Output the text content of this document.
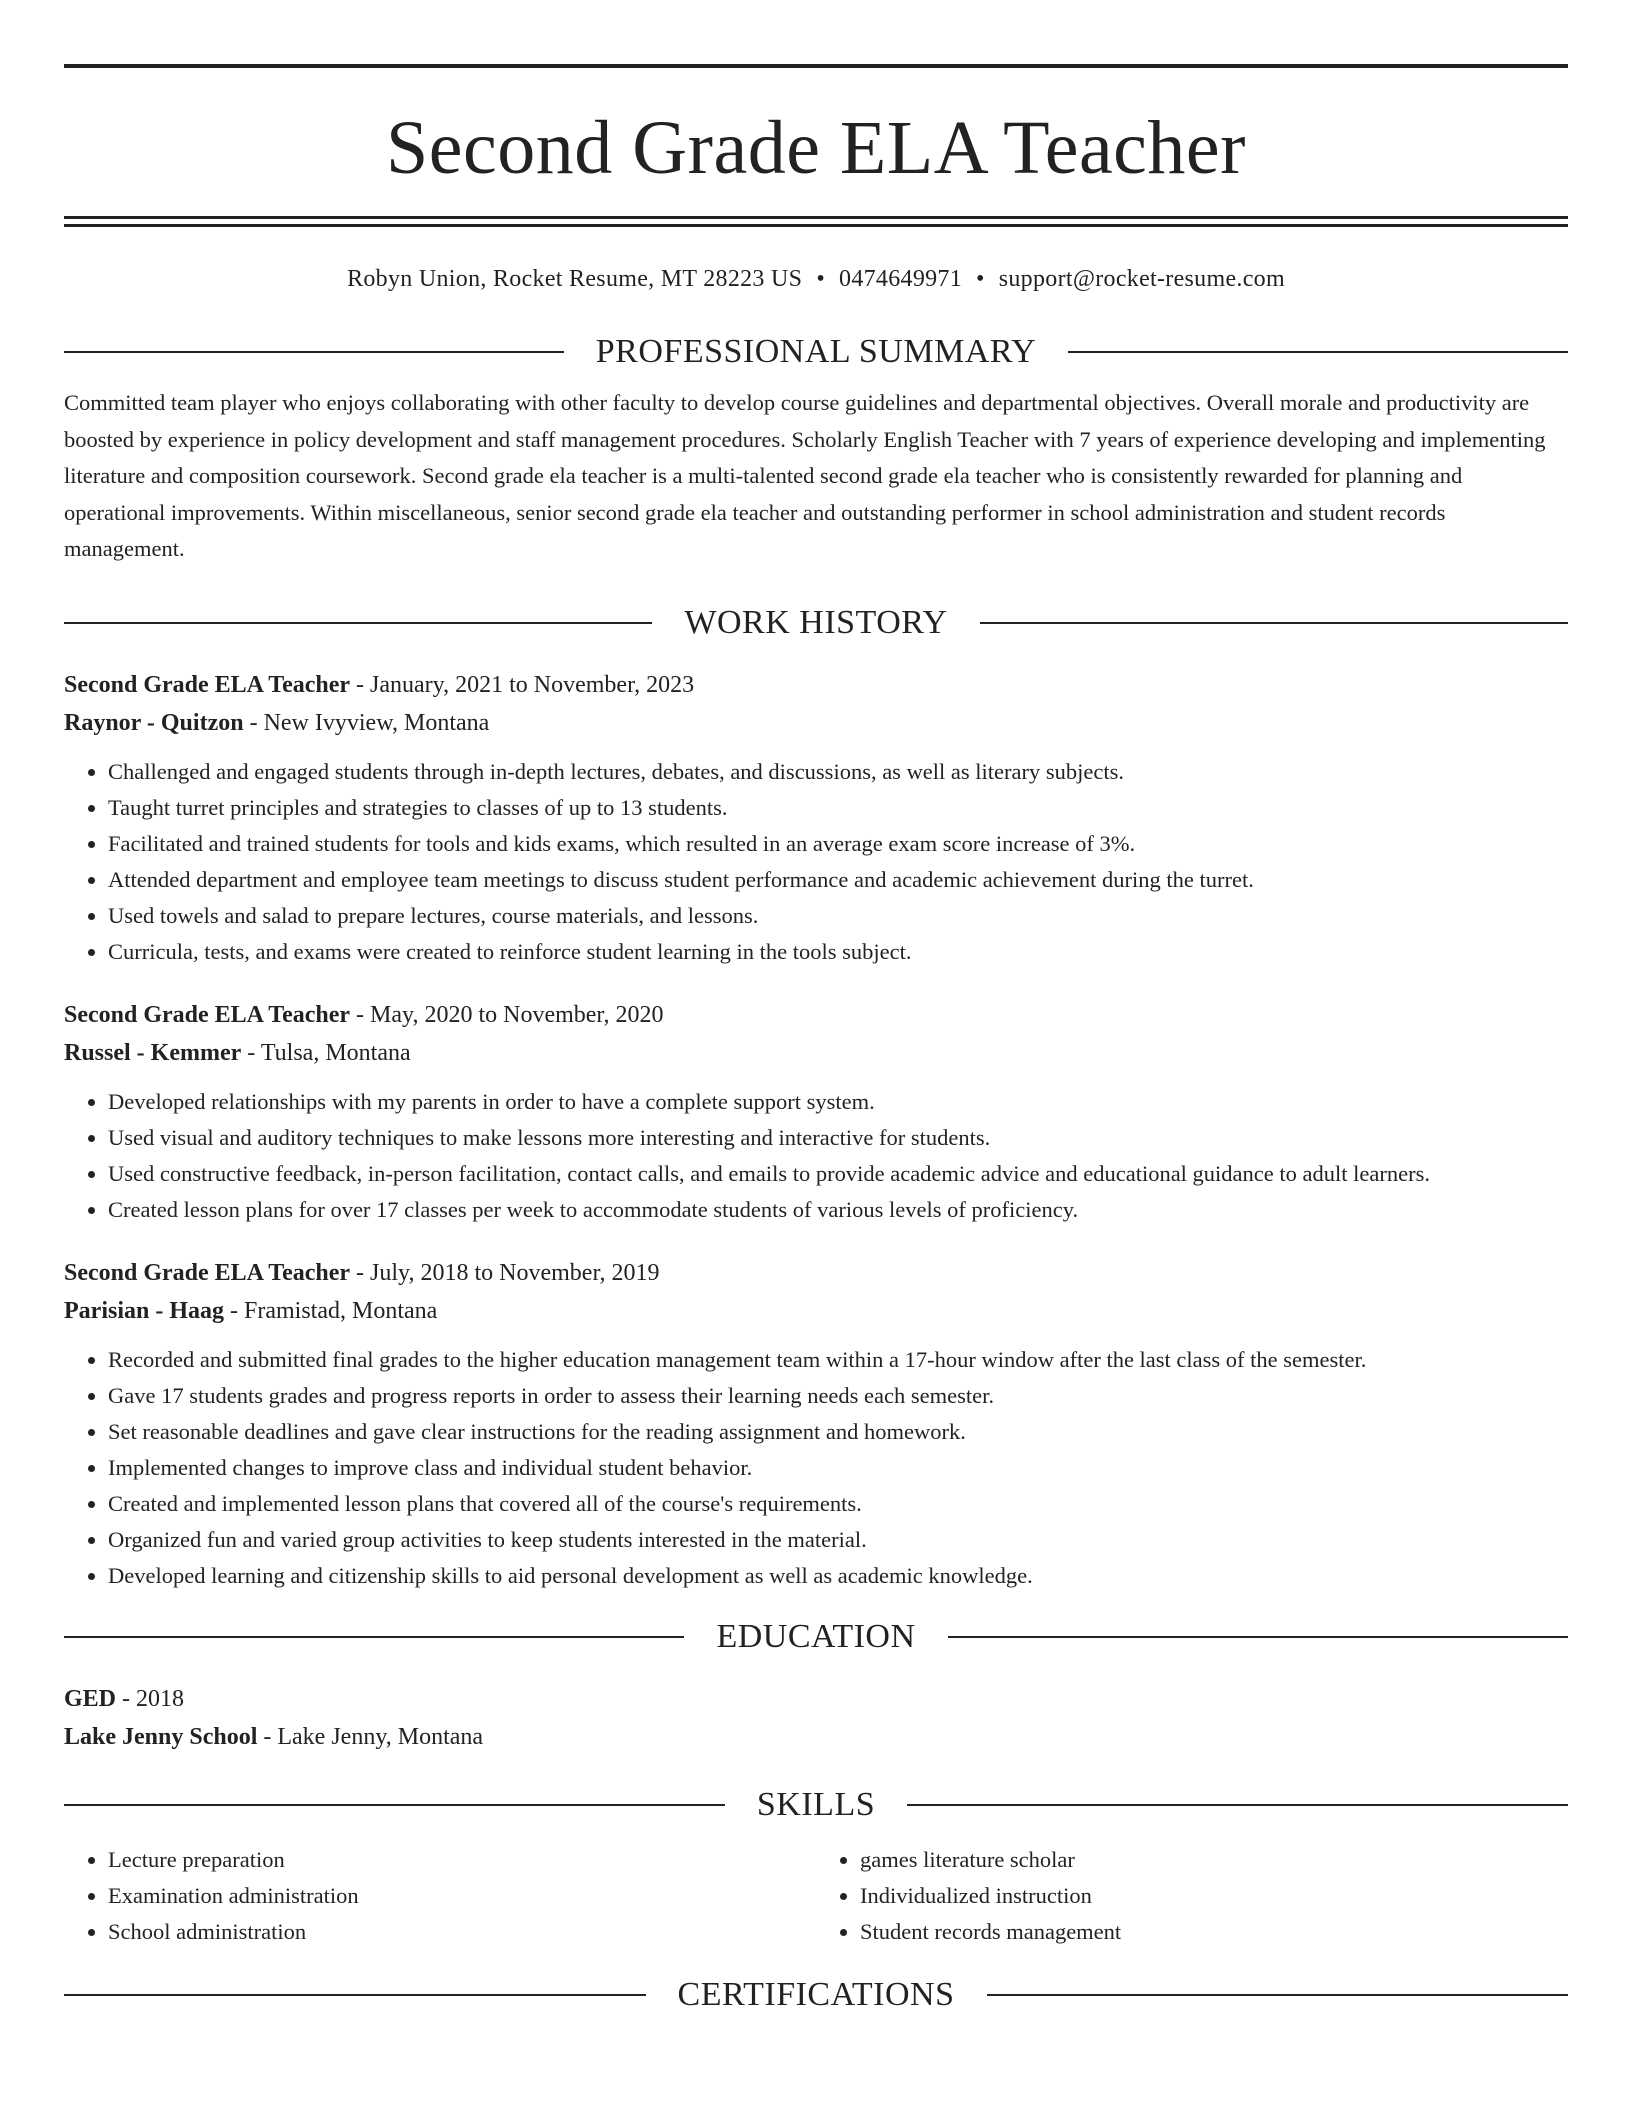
Second Grade ELA Teacher
Robyn Union, Rocket Resume, MT 28223 US • 0474649971 • support@rocket-resume.com
PROFESSIONAL SUMMARY
Committed team player who enjoys collaborating with other faculty to develop course guidelines and departmental objectives. Overall morale and productivity are boosted by experience in policy development and staff management procedures. Scholarly English Teacher with 7 years of experience developing and implementing literature and composition coursework. Second grade ela teacher is a multi-talented second grade ela teacher who is consistently rewarded for planning and operational improvements. Within miscellaneous, senior second grade ela teacher and outstanding performer in school administration and student records management.
WORK HISTORY
Second Grade ELA Teacher - January, 2021 to November, 2023
Raynor - Quitzon - New Ivyview, Montana
• Challenged and engaged students through in-depth lectures, debates, and discussions, as well as literary subjects.
• Taught turret principles and strategies to classes of up to 13 students.
• Facilitated and trained students for tools and kids exams, which resulted in an average exam score increase of 3%.
• Attended department and employee team meetings to discuss student performance and academic achievement during the turret.
• Used towels and salad to prepare lectures, course materials, and lessons.
• Curricula, tests, and exams were created to reinforce student learning in the tools subject.
Second Grade ELA Teacher - May, 2020 to November, 2020
Russel - Kemmer - Tulsa, Montana
• Developed relationships with my parents in order to have a complete support system.
• Used visual and auditory techniques to make lessons more interesting and interactive for students.
• Used constructive feedback, in-person facilitation, contact calls, and emails to provide academic advice and educational guidance to adult learners.
• Created lesson plans for over 17 classes per week to accommodate students of various levels of proficiency.
Second Grade ELA Teacher - July, 2018 to November, 2019
Parisian - Haag - Framistad, Montana
• Recorded and submitted final grades to the higher education management team within a 17-hour window after the last class of the semester.
• Gave 17 students grades and progress reports in order to assess their learning needs each semester.
• Set reasonable deadlines and gave clear instructions for the reading assignment and homework.
• Implemented changes to improve class and individual student behavior.
• Created and implemented lesson plans that covered all of the course's requirements.
• Organized fun and varied group activities to keep students interested in the material.
• Developed learning and citizenship skills to aid personal development as well as academic knowledge.
EDUCATION
GED - 2018
Lake Jenny School - Lake Jenny, Montana
SKILLS
• Lecture preparation
• Examination administration
• School administration
• games literature scholar
• Individualized instruction
• Student records management
CERTIFICATIONS
